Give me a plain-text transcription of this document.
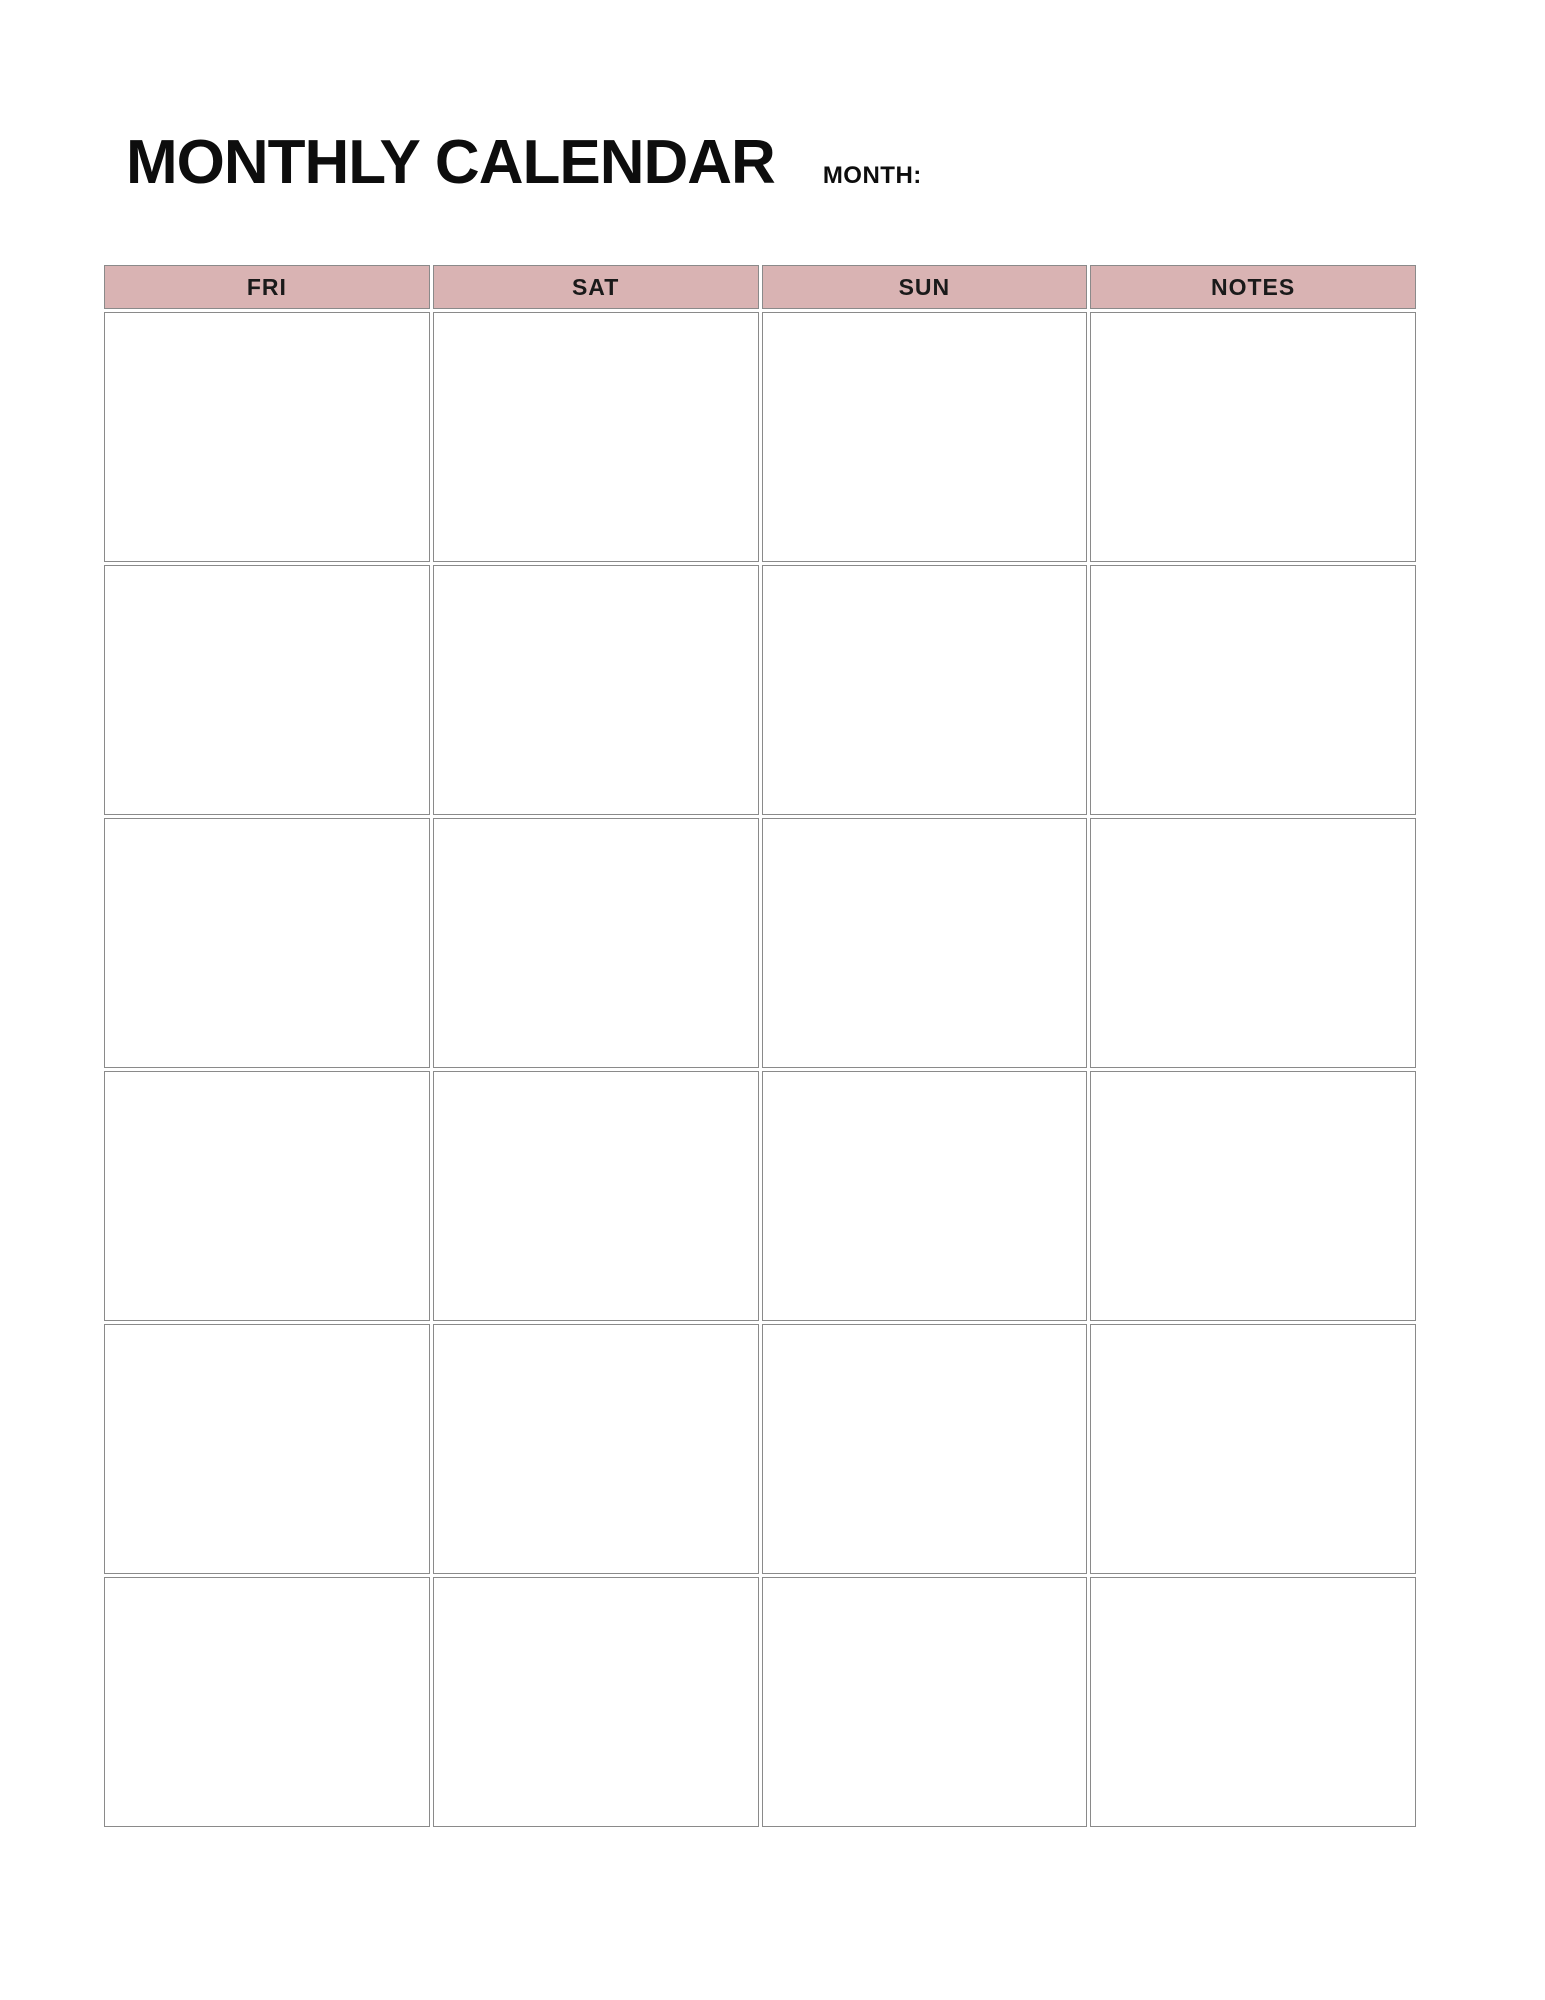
MONTHLY CALENDAR MONTH:
FRI	SAT	SUN	NOTES
